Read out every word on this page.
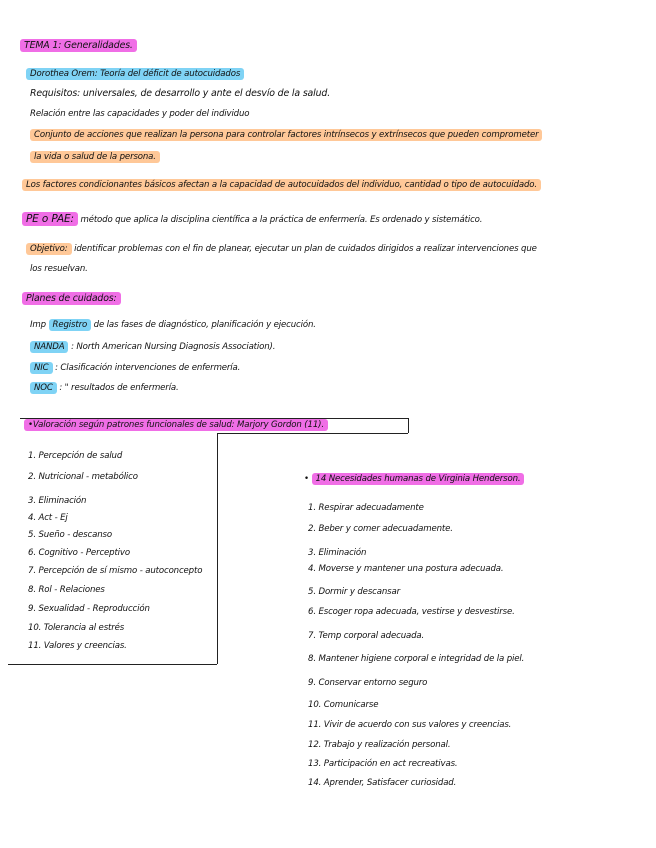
TEMA 1: Generalidades.
Dorothea Orem: Teoría del déficit de autocuidados
Requisitos: universales, de desarrollo y ante el desvío de la salud.
Relación entre las capacidades y poder del individuo
Conjunto de acciones que realizan la persona para controlar factores intrínsecos y extrínsecos que pueden comprometer
la vida o salud de la persona.
Los factores condicionantes básicos afectan a la capacidad de autocuidados del individuo, cantidad o tipo de autocuidado.
PE o PAE: método que aplica la disciplina científica a la práctica de enfermería. Es ordenado y sistemático.
Objetivo: identificar problemas con el fin de planear, ejecutar un plan de cuidados dirigidos a realizar intervenciones que
los resuelvan.
Planes de cuidados:
Imp Registro de las fases de diagnóstico, planificación y ejecución.
NANDA : North American Nursing Diagnosis Association).
NIC : Clasificación intervenciones de enfermería.
NOC : " resultados de enfermería.
•Valoración según patrones funcionales de salud: Marjory Gordon (11).
1. Percepción de salud
2. Nutricional - metabólico
3. Eliminación
4. Act - Ej
5. Sueño - descanso
6. Cognitivo - Perceptivo
7. Percepción de sí mismo - autoconcepto
8. Rol - Relaciones
9. Sexualidad - Reproducción
10. Tolerancia al estrés
11. Valores y creencias.
• 14 Necesidades humanas de Virginia Henderson.
1. Respirar adecuadamente
2. Beber y comer adecuadamente.
3. Eliminación
4. Moverse y mantener una postura adecuada.
5. Dormir y descansar
6. Escoger ropa adecuada, vestirse y desvestirse.
7. Temp corporal adecuada.
8. Mantener higiene corporal e integridad de la piel.
9. Conservar entorno seguro
10. Comunicarse
11. Vivir de acuerdo con sus valores y creencias.
12. Trabajo y realización personal.
13. Participación en act recreativas.
14. Aprender, Satisfacer curiosidad.
